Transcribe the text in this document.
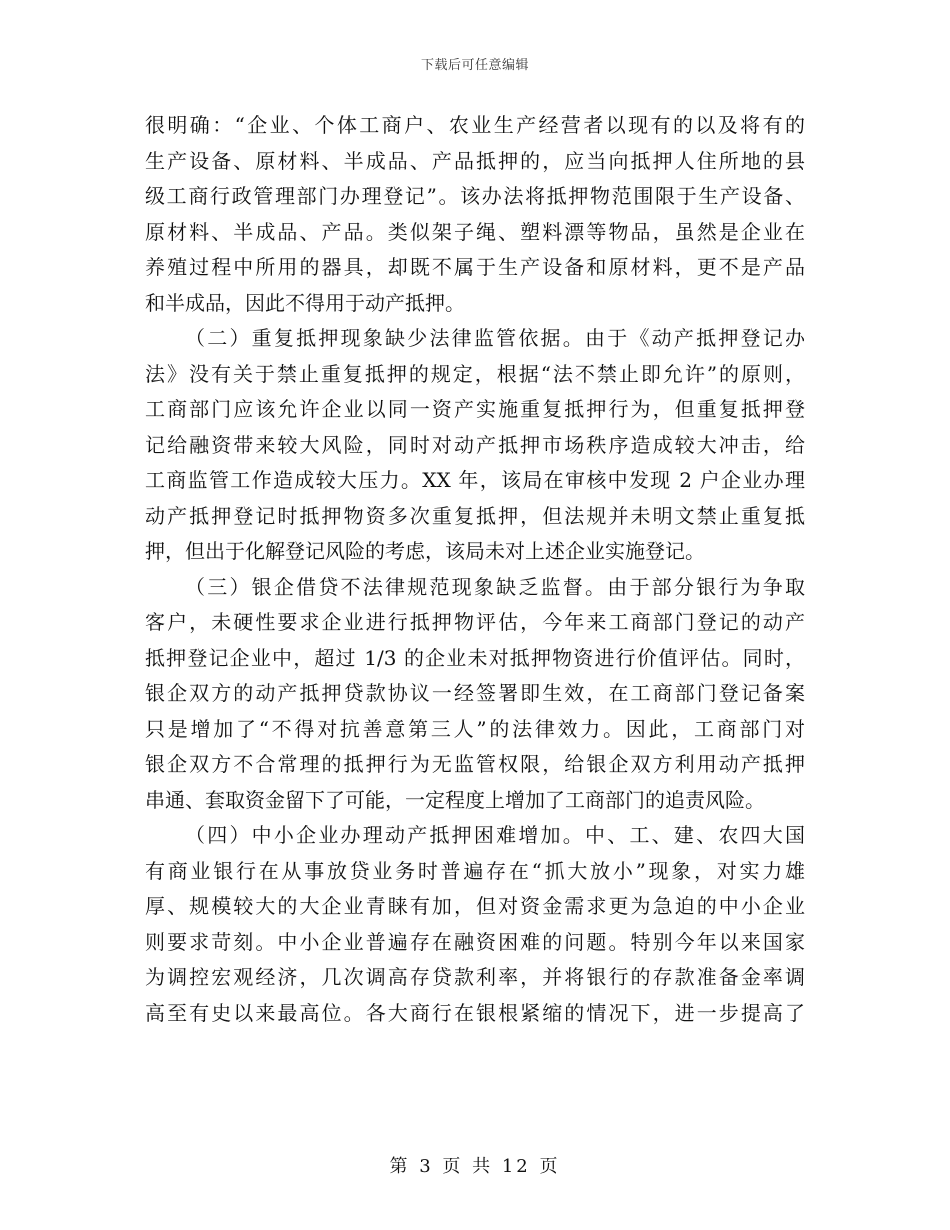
下载后可任意编辑
很明确：“企业、个体工商户、农业生产经营者以现有的以及将有的
生产设备、原材料、半成品、产品抵押的，应当向抵押人住所地的县
级工商行政管理部门办理登记”。该办法将抵押物范围限于生产设备、
原材料、半成品、产品。类似架子绳、塑料漂等物品，虽然是企业在
养殖过程中所用的器具，却既不属于生产设备和原材料，更不是产品
和半成品，因此不得用于动产抵押。
（二）重复抵押现象缺少法律监管依据。由于《动产抵押登记办
法》没有关于禁止重复抵押的规定，根据“法不禁止即允许”的原则，
工商部门应该允许企业以同一资产实施重复抵押行为，但重复抵押登
记给融资带来较大风险，同时对动产抵押市场秩序造成较大冲击，给
工商监管工作造成较大压力。XX 年，该局在审核中发现 2 户企业办理
动产抵押登记时抵押物资多次重复抵押，但法规并未明文禁止重复抵
押，但出于化解登记风险的考虑，该局未对上述企业实施登记。
（三）银企借贷不法律规范现象缺乏监督。由于部分银行为争取
客户，未硬性要求企业进行抵押物评估，今年来工商部门登记的动产
抵押登记企业中，超过 1/3 的企业未对抵押物资进行价值评估。同时，
银企双方的动产抵押贷款协议一经签署即生效，在工商部门登记备案
只是增加了“不得对抗善意第三人”的法律效力。因此，工商部门对
银企双方不合常理的抵押行为无监管权限，给银企双方利用动产抵押
串通、套取资金留下了可能，一定程度上增加了工商部门的追责风险。
（四）中小企业办理动产抵押困难增加。中、工、建、农四大国
有商业银行在从事放贷业务时普遍存在“抓大放小”现象，对实力雄
厚、规模较大的大企业青睐有加，但对资金需求更为急迫的中小企业
则要求苛刻。中小企业普遍存在融资困难的问题。特别今年以来国家
为调控宏观经济，几次调高存贷款利率，并将银行的存款准备金率调
高至有史以来最高位。各大商行在银根紧缩的情况下，进一步提高了
第 3 页 共 12 页
